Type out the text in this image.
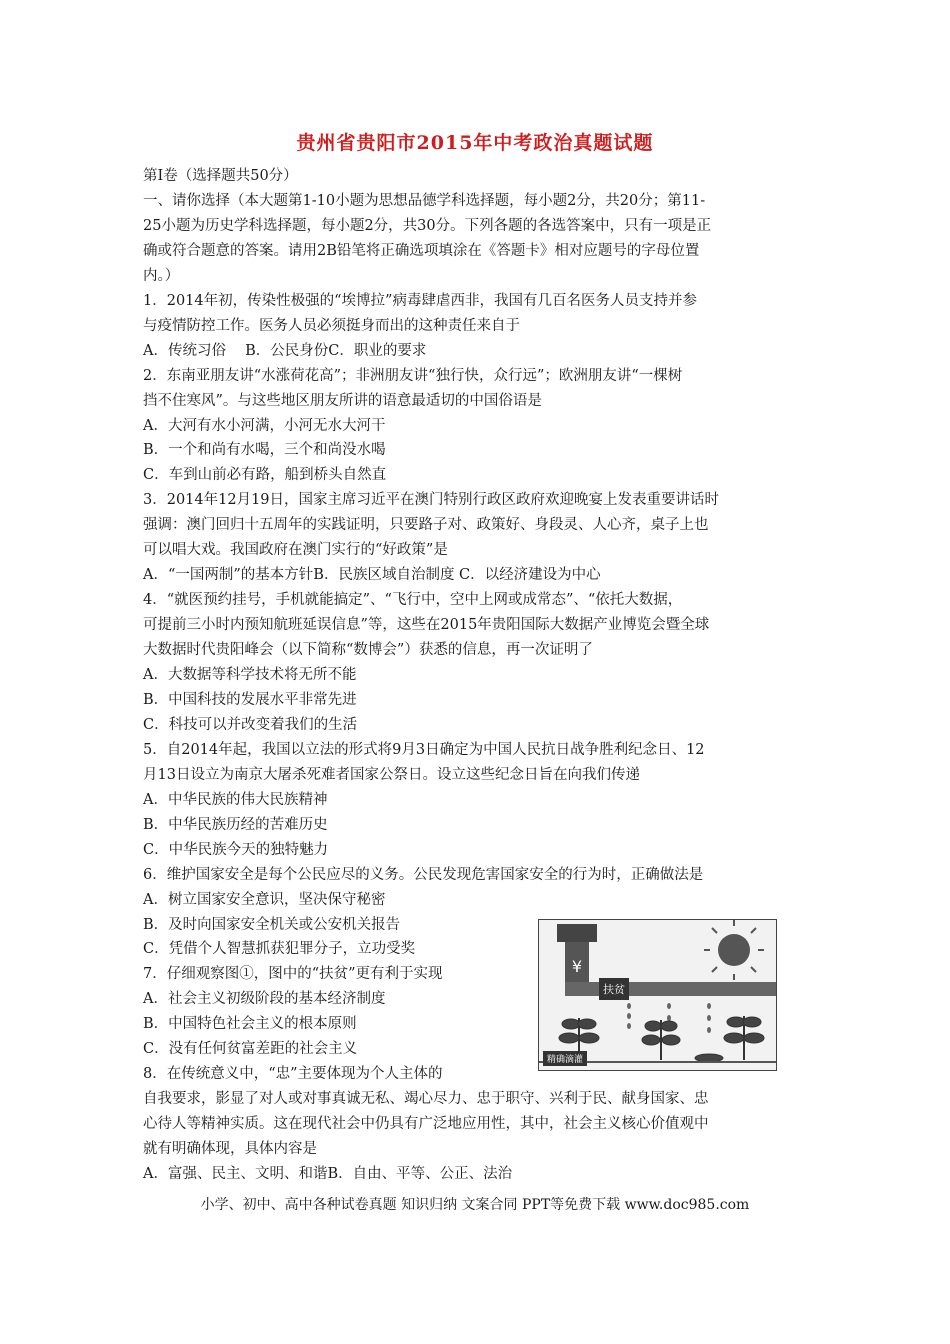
贵州省贵阳市2015年中考政治真题试题
第Ⅰ卷（选择题共50分）
一、请你选择（本大题第1-10小题为思想品德学科选择题，每小题2分，共20分；第11-
25小题为历史学科选择题，每小题2分，共30分。下列各题的各选答案中，只有一项是正
确或符合题意的答案。请用2B铅笔将正确选项填涂在《答题卡》相对应题号的字母位置
内。）
1．2014年初，传染性极强的“埃博拉”病毒肆虐西非，我国有几百名医务人员支持并参
与疫情防控工作。医务人员必须挺身而出的这种责任来自于
A．传统习俗　 B．公民身份C．职业的要求
2．东南亚朋友讲“水涨荷花高”；非洲朋友讲“独行快，众行远”；欧洲朋友讲“一棵树
挡不住寒风”。与这些地区朋友所讲的语意最适切的中国俗语是
A．大河有水小河满，小河无水大河干
B．一个和尚有水喝，三个和尚没水喝
C．车到山前必有路，船到桥头自然直
3．2014年12月19日，国家主席习近平在澳门特别行政区政府欢迎晚宴上发表重要讲话时
强调：澳门回归十五周年的实践证明，只要路子对、政策好、身段灵、人心齐，桌子上也
可以唱大戏。我国政府在澳门实行的“好政策”是
A．“一国两制”的基本方针B．民族区域自治制度 C．以经济建设为中心
4．“就医预约挂号，手机就能搞定”、“飞行中，空中上网或成常态”、“依托大数据，
可提前三小时内预知航班延误信息”等，这些在2015年贵阳国际大数据产业博览会暨全球
大数据时代贵阳峰会（以下简称“数博会”）获悉的信息，再一次证明了
A．大数据等科学技术将无所不能
B．中国科技的发展水平非常先进
C．科技可以并改变着我们的生活
5．自2014年起，我国以立法的形式将9月3日确定为中国人民抗日战争胜利纪念日、12
月13日设立为南京大屠杀死难者国家公祭日。设立这些纪念日旨在向我们传递
A．中华民族的伟大民族精神
B．中华民族历经的苦难历史
C．中华民族今天的独特魅力
6．维护国家安全是每个公民应尽的义务。公民发现危害国家安全的行为时，正确做法是
A．树立国家安全意识，坚决保守秘密
B．及时向国家安全机关或公安机关报告
C．凭借个人智慧抓获犯罪分子，立功受奖
7．仔细观察图①，图中的“扶贫”更有利于实现
A．社会主义初级阶段的基本经济制度
B．中国特色社会主义的根本原则
C．没有任何贫富差距的社会主义
8．在传统意义中，“忠”主要体现为个人主体的
自我要求，影显了对人或对事真诚无私、竭心尽力、忠于职守、兴利于民、献身国家、忠
心待人等精神实质。这在现代社会中仍具有广泛地应用性，其中，社会主义核心价值观中
就有明确体现，具体内容是
A．富强、民主、文明、和谐B．自由、平等、公正、法治
¥
扶贫
精确滴灌
小学、初中、高中各种试卷真题 知识归纳 文案合同 PPT等免费下载 www.doc985.com
